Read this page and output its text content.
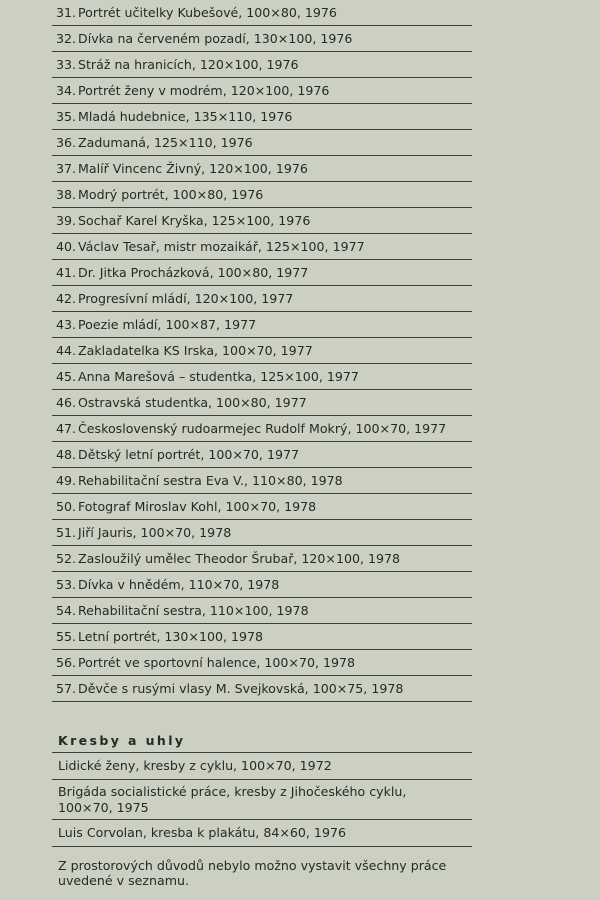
31. Portrét učitelky Kubešové, 100×80, 1976
32. Dívka na červeném pozadí, 130×100, 1976
33. Stráž na hranicích, 120×100, 1976
34. Portrét ženy v modrém, 120×100, 1976
35. Mladá hudebnice, 135×110, 1976
36. Zadumaná, 125×110, 1976
37. Malíř Vincenc Živný, 120×100, 1976
38. Modrý portrét, 100×80, 1976
39. Sochař Karel Kryška, 125×100, 1976
40. Václav Tesař, mistr mozaikář, 125×100, 1977
41. Dr. Jitka Procházková, 100×80, 1977
42. Progresívní mládí, 120×100, 1977
43. Poezie mládí, 100×87, 1977
44. Zakladatelka KS Irska, 100×70, 1977
45. Anna Marešová – studentka, 125×100, 1977
46. Ostravská studentka, 100×80, 1977
47. Československý rudoarmejec Rudolf Mokrý, 100×70, 1977
48. Dětský letní portrét, 100×70, 1977
49. Rehabilitační sestra Eva V., 110×80, 1978
50. Fotograf Miroslav Kohl, 100×70, 1978
51. Jiří Jauris, 100×70, 1978
52. Zasloužilý umělec Theodor Šrubař, 120×100, 1978
53. Dívka v hnědém, 110×70, 1978
54. Rehabilitační sestra, 110×100, 1978
55. Letní portrét, 130×100, 1978
56. Portrét ve sportovní halence, 100×70, 1978
57. Děvče s rusými vlasy M. Svejkovská, 100×75, 1978
Kresby a uhly
Lidické ženy, kresby z cyklu, 100×70, 1972
Brigáda socialistické práce, kresby z Jihočeského cyklu,
100×70, 1975
Luis Corvolan, kresba k plakátu, 84×60, 1976
Z prostorových důvodů nebylo možno vystavit všechny práce
uvedené v seznamu.
